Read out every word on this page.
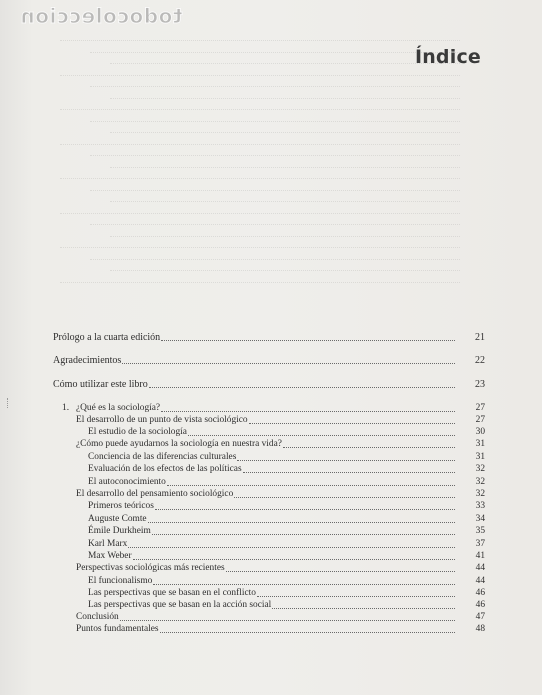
todocoleccion
Índice
Prólogo a la cuarta edición	21
Agradecimientos	22
Cómo utilizar este libro	23
1. ¿Qué es la sociología?	27
El desarrollo de un punto de vista sociológico	27
El estudio de la sociología	30
¿Cómo puede ayudarnos la sociología en nuestra vida?	31
Conciencia de las diferencias culturales	31
Evaluación de los efectos de las políticas	32
El autoconocimiento	32
El desarrollo del pensamiento sociológico	32
Primeros teóricos	33
Auguste Comte	34
Émile Durkheim	35
Karl Marx	37
Max Weber	41
Perspectivas sociológicas más recientes	44
El funcionalismo	44
Las perspectivas que se basan en el conflicto	46
Las perspectivas que se basan en la acción social	46
Conclusión	47
Puntos fundamentales	48
